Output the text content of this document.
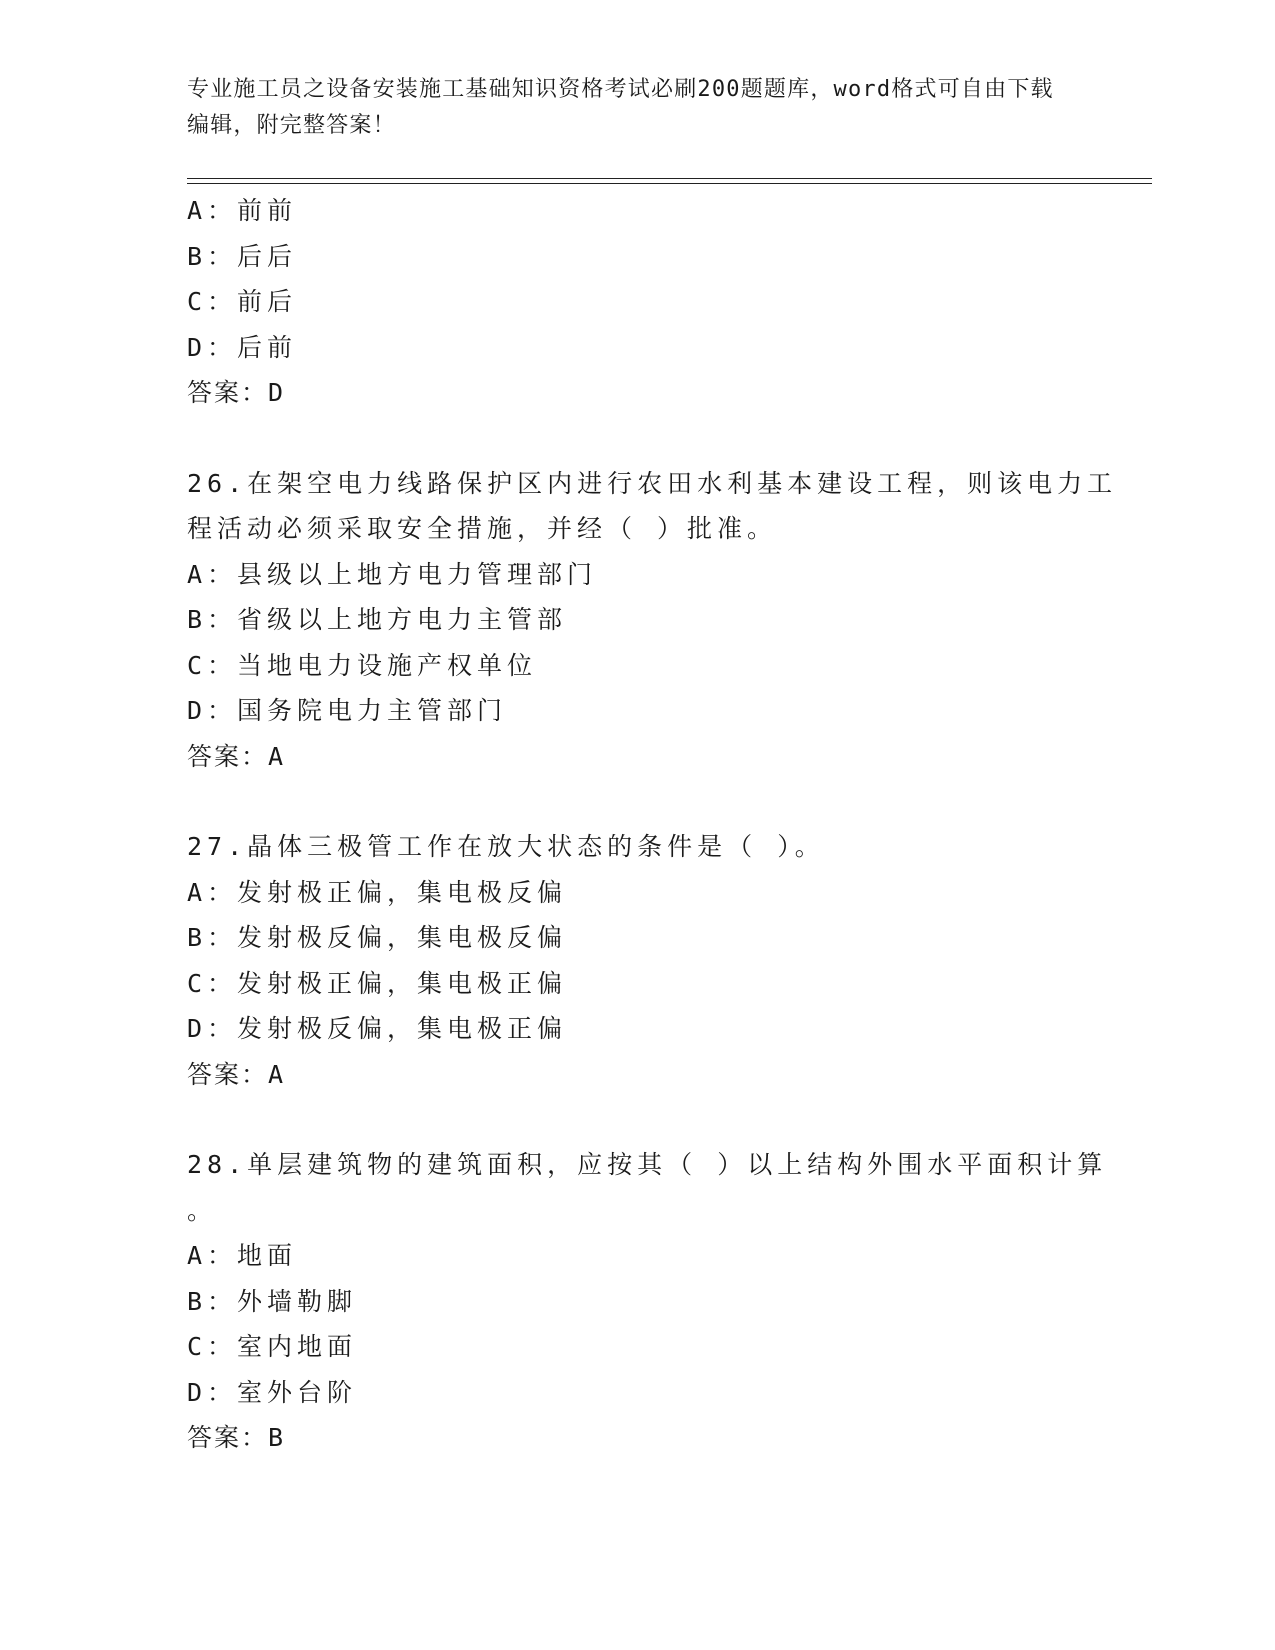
专业施工员之设备安装施工基础知识资格考试必刷200题题库，word格式可自由下载编辑，附完整答案！
A：前前
B：后后
C：前后
D：后前
答案：D
26.在架空电力线路保护区内进行农田水利基本建设工程，则该电力工
程活动必须采取安全措施，并经（ ）批准。
A：县级以上地方电力管理部门
B：省级以上地方电力主管部
C：当地电力设施产权单位
D：国务院电力主管部门
答案：A
27.晶体三极管工作在放大状态的条件是（ ）。
A：发射极正偏，集电极反偏
B：发射极反偏，集电极反偏
C：发射极正偏，集电极正偏
D：发射极反偏，集电极正偏
答案：A
28.单层建筑物的建筑面积，应按其（ ）以上结构外围水平面积计算
。
A：地面
B：外墙勒脚
C：室内地面
D：室外台阶
答案：B
